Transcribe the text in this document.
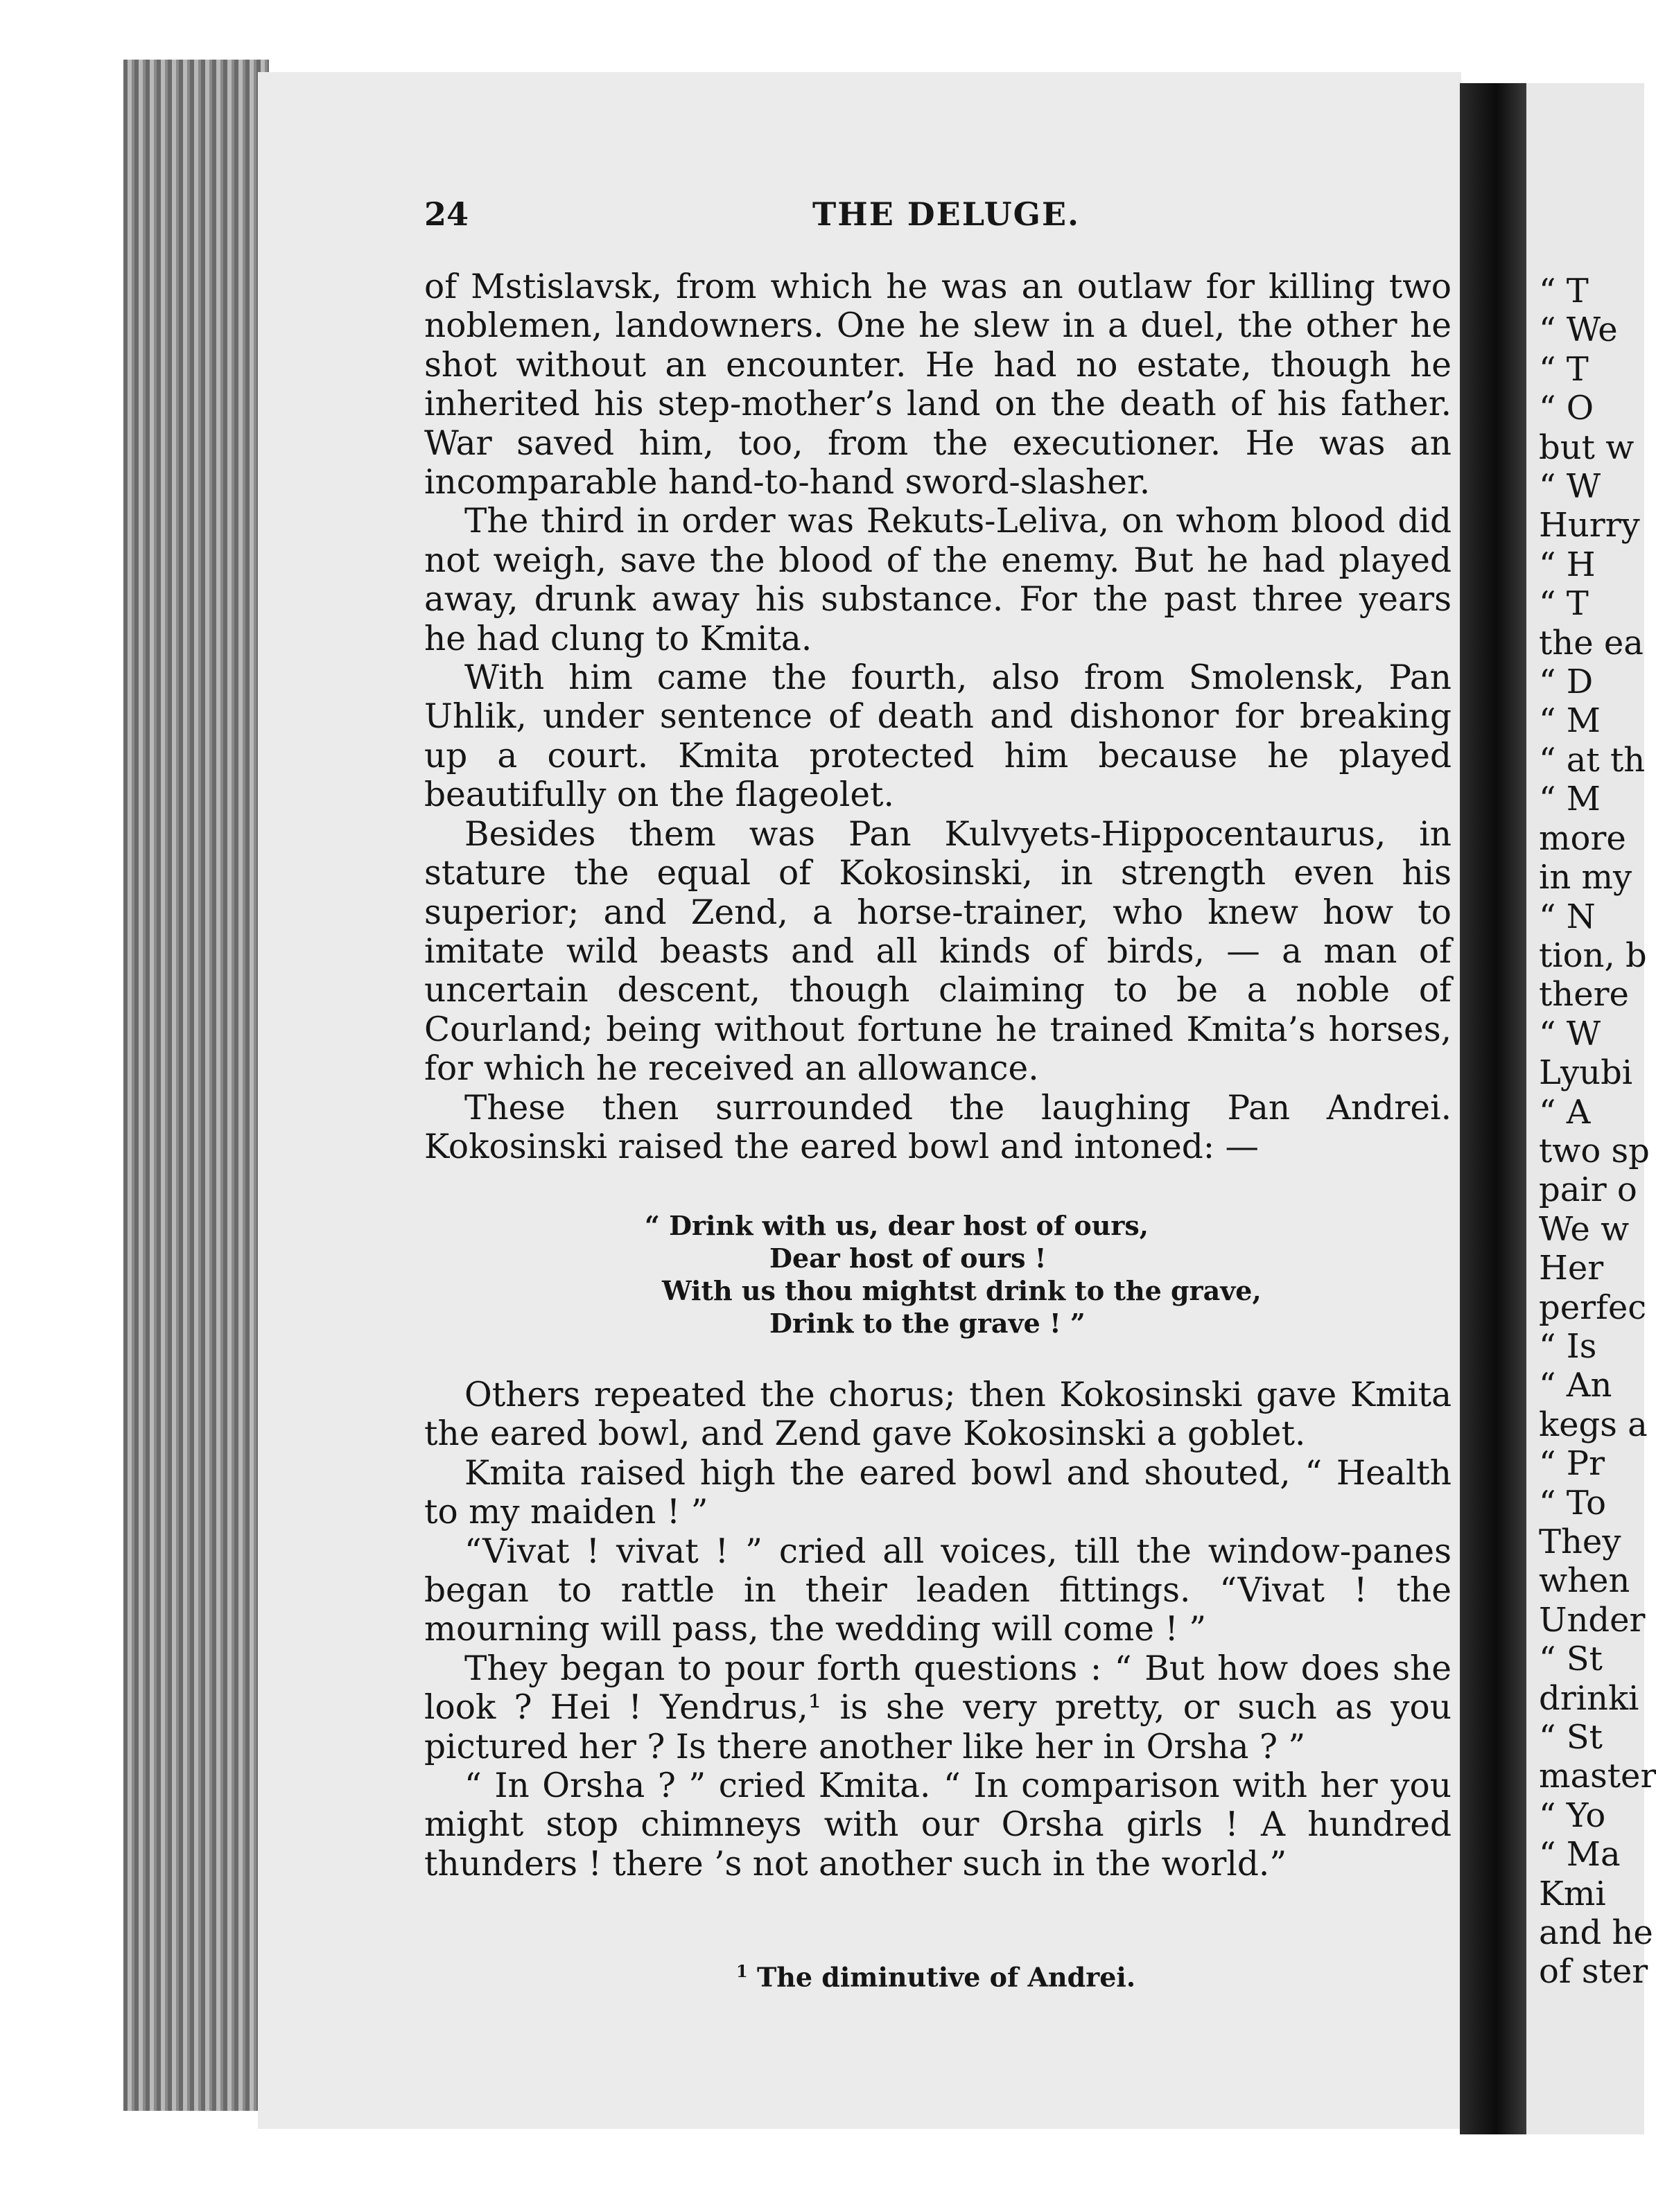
24	THE DELUGE.

of Mstislavsk, from which he was an outlaw for killing two noblemen, landowners. One he slew in a duel, the other he shot without an encounter. He had no estate, though he inherited his step-mother’s land on the death of his father. War saved him, too, from the executioner. He was an incomparable hand-to-hand sword-slasher.

The third in order was Rekuts-Leliva, on whom blood did not weigh, save the blood of the enemy. But he had played away, drunk away his substance. For the past three years he had clung to Kmita.

With him came the fourth, also from Smolensk, Pan Uhlik, under sentence of death and dishonor for breaking up a court. Kmita protected him because he played beautifully on the flageolet.

Besides them was Pan Kulvyets-Hippocentaurus, in stature the equal of Kokosinski, in strength even his superior; and Zend, a horse-trainer, who knew how to imitate wild beasts and all kinds of birds, — a man of uncertain descent, though claiming to be a noble of Courland; being without fortune he trained Kmita’s horses, for which he received an allowance.

These then surrounded the laughing Pan Andrei. Kokosinski raised the eared bowl and intoned: —

“ Drink with us, dear host of ours,
Dear host of ours !
With us thou mightst drink to the grave,
Drink to the grave ! ”

Others repeated the chorus; then Kokosinski gave Kmita the eared bowl, and Zend gave Kokosinski a goblet.

Kmita raised high the eared bowl and shouted, “ Health to my maiden ! ”

“Vivat ! vivat ! ” cried all voices, till the window-panes began to rattle in their leaden fittings. “Vivat ! the mourning will pass, the wedding will come ! ”

They began to pour forth questions : “ But how does she look ? Hei ! Yendrus,¹ is she very pretty, or such as you pictured her ? Is there another like her in Orsha ? ”

“ In Orsha ? ” cried Kmita. “ In comparison with her you might stop chimneys with our Orsha girls ! A hundred thunders ! there ’s not another such in the world.”

$^1$ The diminutive of Andrei.
“ T
“ We
“ T
“ O
but w
“ W
Hurry
“ H
“ T
the ea
“ D
“ M
“ at th
“ M
more
in my
“ N
tion, b
there
“ W
Lyubi
“ A
two sp
pair o
We w
Her
perfec
“ Is
“ An
kegs a
“ Pr
“ To
They
when
Under
“ St
drinki
“ St
master
“ Yo
“ Ma
Kmi
and he
of ster
